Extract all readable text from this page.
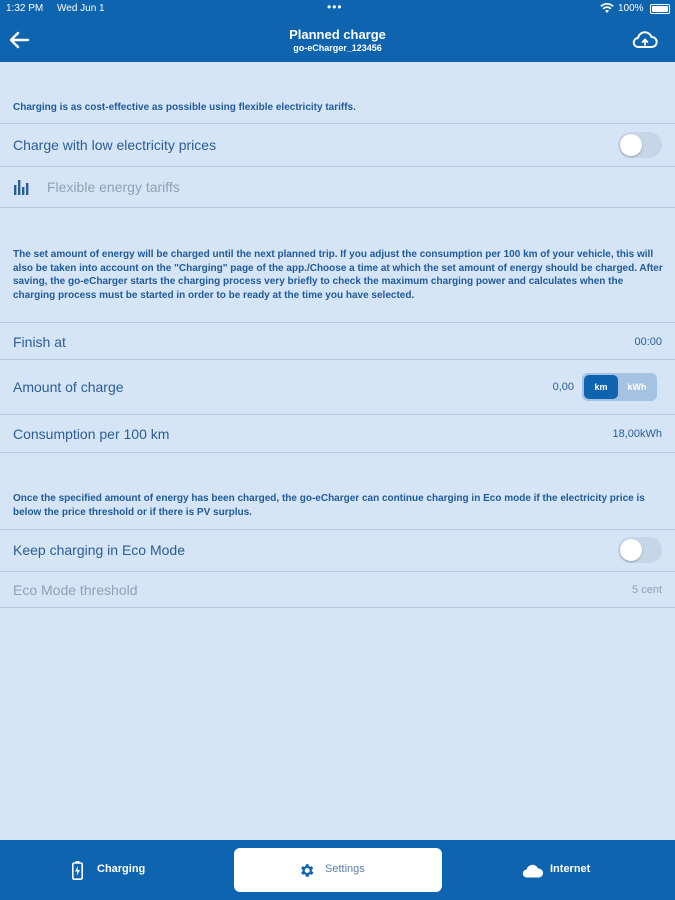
1:32 PM Wed Jun 1	•••	100%
Planned charge
go-eCharger_123456
Charging is as cost-effective as possible using flexible electricity tariffs.
Charge with low electricity prices
Flexible energy tariffs
The set amount of energy will be charged until the next planned trip. If you adjust the consumption per 100 km of your vehicle, this will also be taken into account on the "Charging" page of the app./Choose a time at which the set amount of energy should be charged. After saving, the go-eCharger starts the charging process very briefly to check the maximum charging power and calculates when the charging process must be started in order to be ready at the time you have selected.
Finish at	00:00
Amount of charge	0,00	km	kWh
Consumption per 100 km	18,00kWh
Once the specified amount of energy has been charged, the go-eCharger can continue charging in Eco mode if the electricity price is below the price threshold or if there is PV surplus.
Keep charging in Eco Mode
Eco Mode threshold	5 cent
Charging	Settings	Internet
